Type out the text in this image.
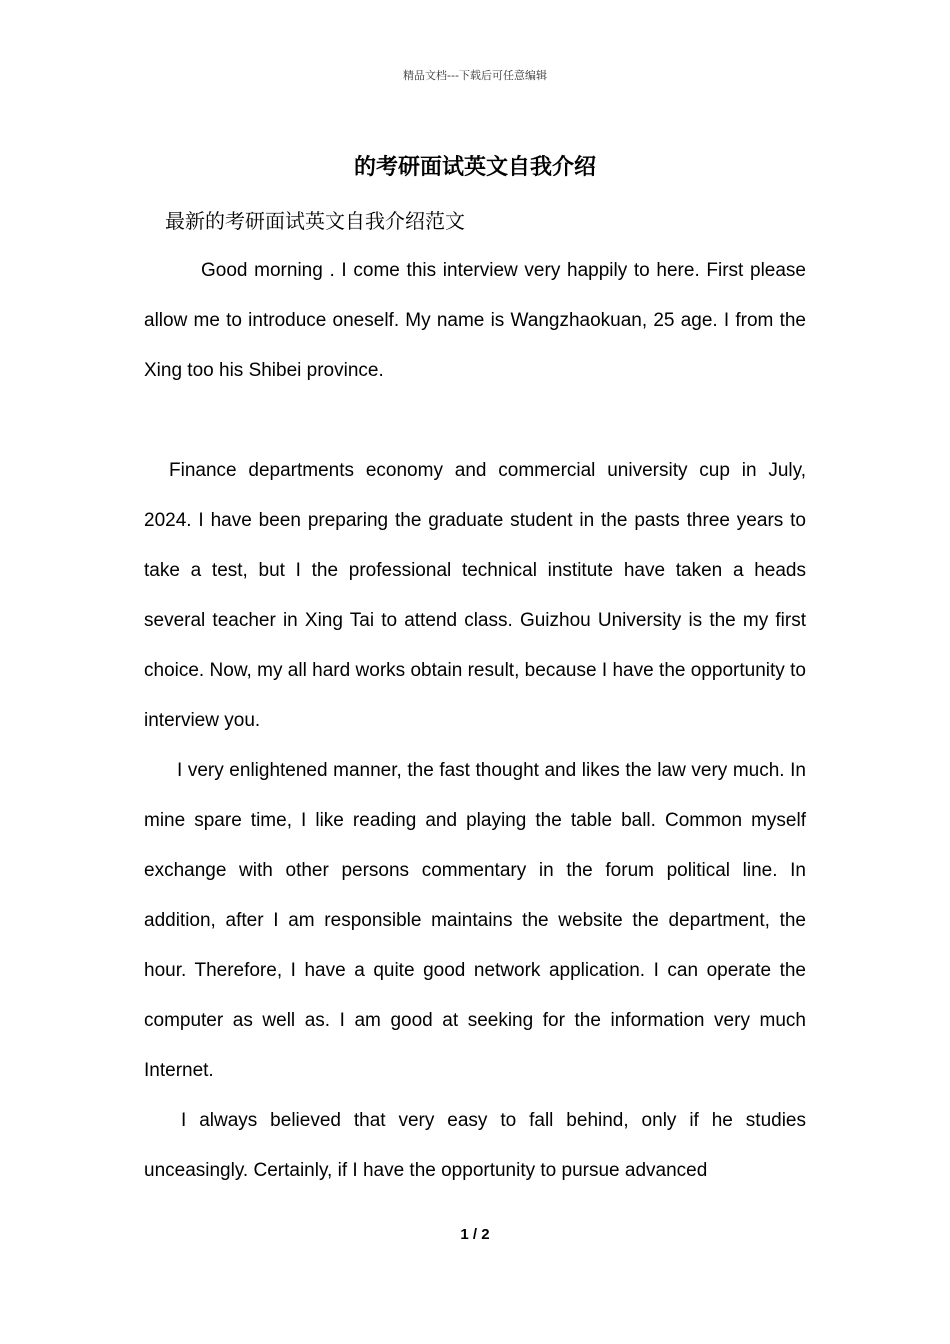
精品文档---下载后可任意编辑
的考研面试英文自我介绍
最新的考研面试英文自我介绍范文

Good morning . I come this interview very happily to here. First please allow me to introduce oneself. My name is Wangzhaokuan, 25 age. I from the Xing too his Shibei province.

Finance departments economy and commercial university cup in July, 2024. I have been preparing the graduate student in the pasts three years to take a test, but I the professional technical institute have taken a heads several teacher in Xing Tai to attend class. Guizhou University is the my first choice. Now, my all hard works obtain result, because I have the opportunity to interview you.

I very enlightened manner, the fast thought and likes the law very much. In mine spare time, I like reading and playing the table ball. Common myself exchange with other persons commentary in the forum political line. In addition, after I am responsible maintains the website the department, the hour. Therefore, I have a quite good network application. I can operate the computer as well as. I am good at seeking for the information very much Internet.

I always believed that very easy to fall behind, only if he studies unceasingly. Certainly, if I have the opportunity to pursue advanced

1 / 2
